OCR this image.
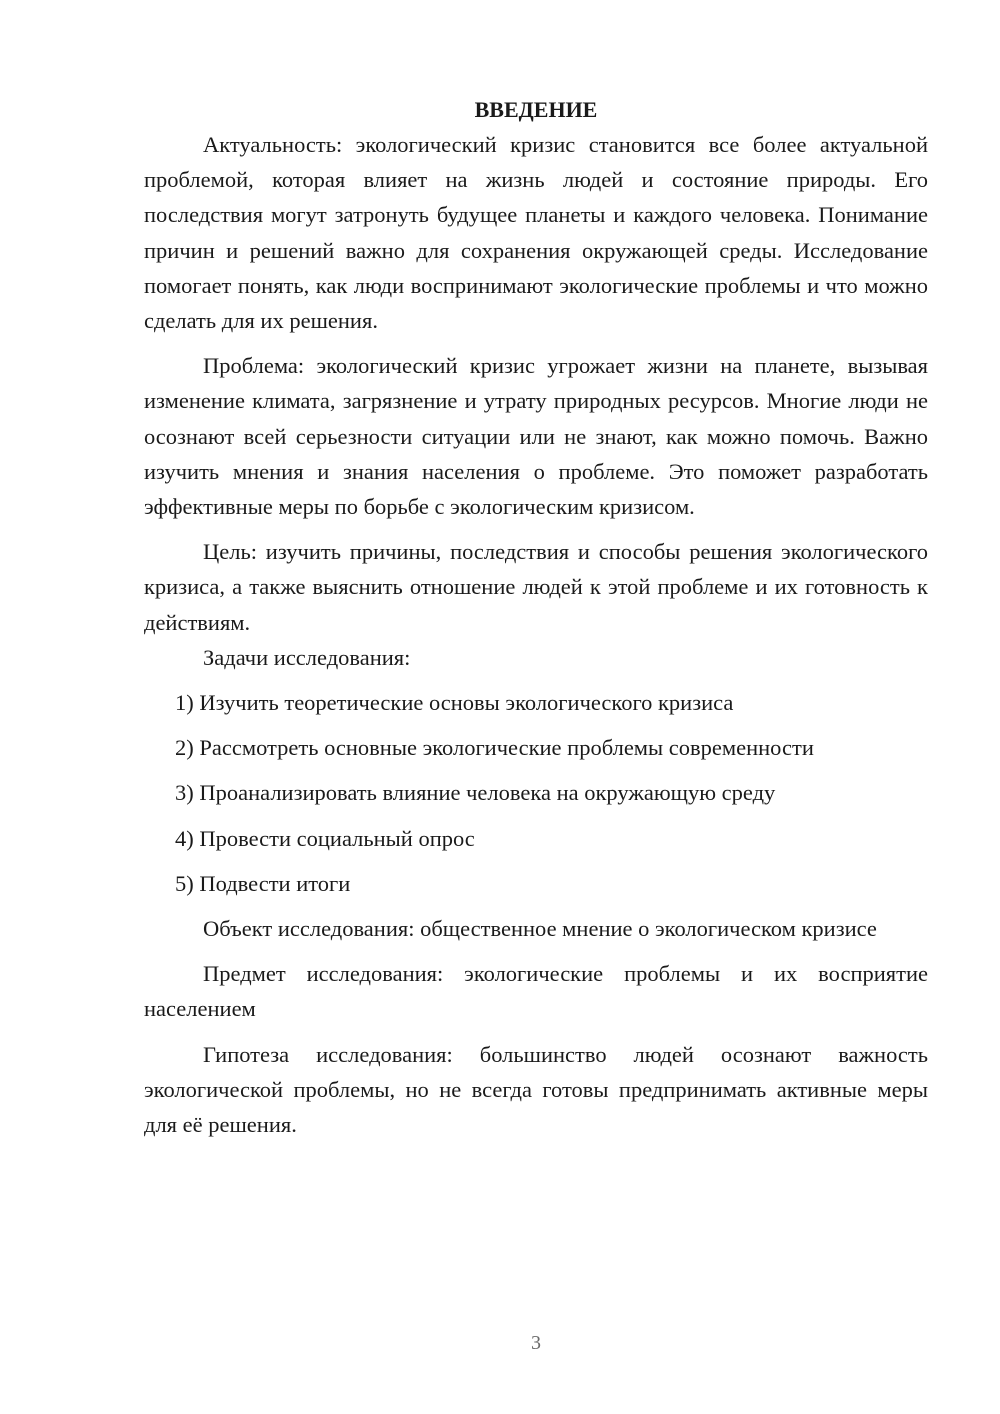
ВВЕДЕНИЕ

Актуальность: экологический кризис становится все более актуальной проблемой, которая влияет на жизнь людей и состояние природы. Его последствия могут затронуть будущее планеты и каждого человека. Понимание причин и решений важно для сохранения окружающей среды. Исследование помогает понять, как люди воспринимают экологические проблемы и что можно сделать для их решения.

Проблема: экологический кризис угрожает жизни на планете, вызывая изменение климата, загрязнение и утрату природных ресурсов. Многие люди не осознают всей серьезности ситуации или не знают, как можно помочь. Важно изучить мнения и знания населения о проблеме. Это поможет разработать эффективные меры по борьбе с экологическим кризисом.

Цель: изучить причины, последствия и способы решения экологического кризиса, а также выяснить отношение людей к этой проблеме и их готовность к действиям.

Задачи исследования:

1) Изучить теоретические основы экологического кризиса

2) Рассмотреть основные экологические проблемы современности

3) Проанализировать влияние человека на окружающую среду

4) Провести социальный опрос

5) Подвести итоги

Объект исследования: общественное мнение о экологическом кризисе

Предмет исследования: экологические проблемы и их восприятие населением

Гипотеза исследования: большинство людей осознают важность экологической проблемы, но не всегда готовы предпринимать активные меры для её решения.

3
